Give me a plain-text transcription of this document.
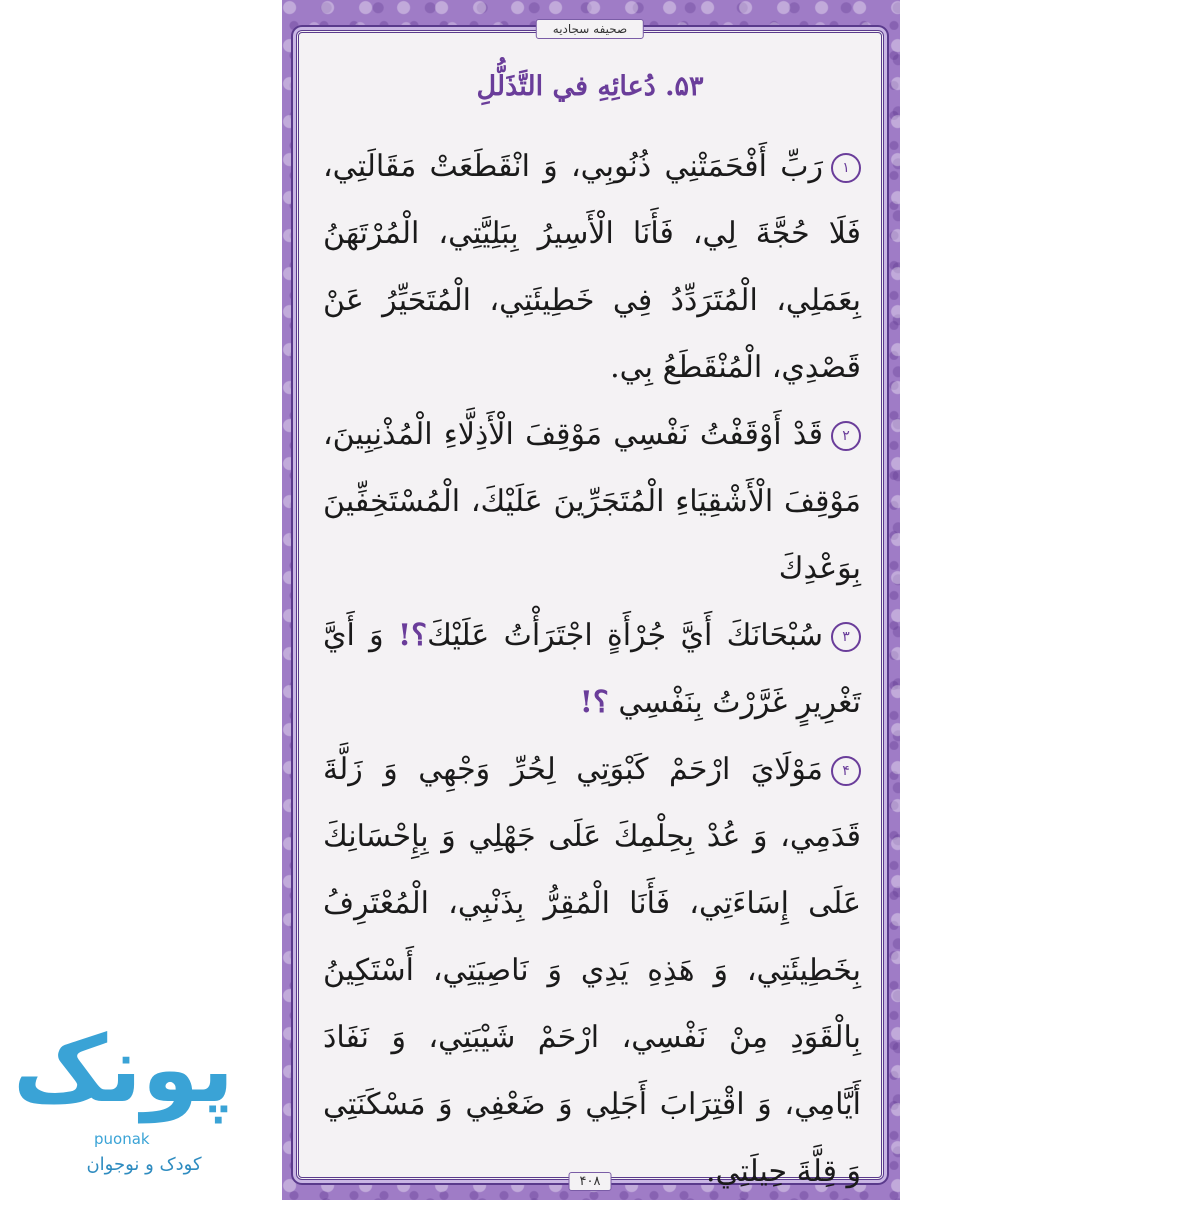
صحیفه سجادیه
۵۳. دُعائِهِ في التَّذَلُّلِ

۱رَبِّ أَفْحَمَتْنِي ذُنُوبِي، وَ انْقَطَعَتْ مَقَالَتِي، فَلَا حُجَّةَ لِي، فَأَنَا الْأَسِيرُ بِبَلِيَّتِي، الْمُرْتَهَنُ بِعَمَلِي، الْمُتَرَدِّدُ فِي خَطِيئَتِي، الْمُتَحَيِّرُ عَنْ قَصْدِي، الْمُنْقَطَعُ بِي.

۲قَدْ أَوْقَفْتُ نَفْسِي مَوْقِفَ الْأَذِلَّاءِ الْمُذْنِبِينَ، مَوْقِفَ الْأَشْقِيَاءِ الْمُتَجَرِّينَ عَلَيْكَ، الْمُسْتَخِفِّينَ بِوَعْدِكَ

۳سُبْحَانَكَ أَيَّ جُرْأَةٍ اجْتَرَأْتُ عَلَيْكَ؟! وَ أَيَّ تَغْرِيرٍ غَرَّرْتُ بِنَفْسِي ؟!

۴مَوْلَايَ ارْحَمْ كَبْوَتِي لِحُرِّ وَجْهِي وَ زَلَّةَ قَدَمِي، وَ عُدْ بِحِلْمِكَ عَلَى جَهْلِي وَ بِإِحْسَانِكَ عَلَى إِسَاءَتِي، فَأَنَا الْمُقِرُّ بِذَنْبِي، الْمُعْتَرِفُ بِخَطِيئَتِي، وَ هَذِهِ يَدِي وَ نَاصِيَتِي، أَسْتَكِينُ بِالْقَوَدِ مِنْ نَفْسِي، ارْحَمْ شَيْبَتِي، وَ نَفَادَ أَيَّامِي، وَ اقْتِرَابَ أَجَلِي وَ ضَعْفِي وَ مَسْكَنَتِي وَ قِلَّةَ حِيلَتِي.

۴۰۸
پونک
puonak
کودک و نوجوان
